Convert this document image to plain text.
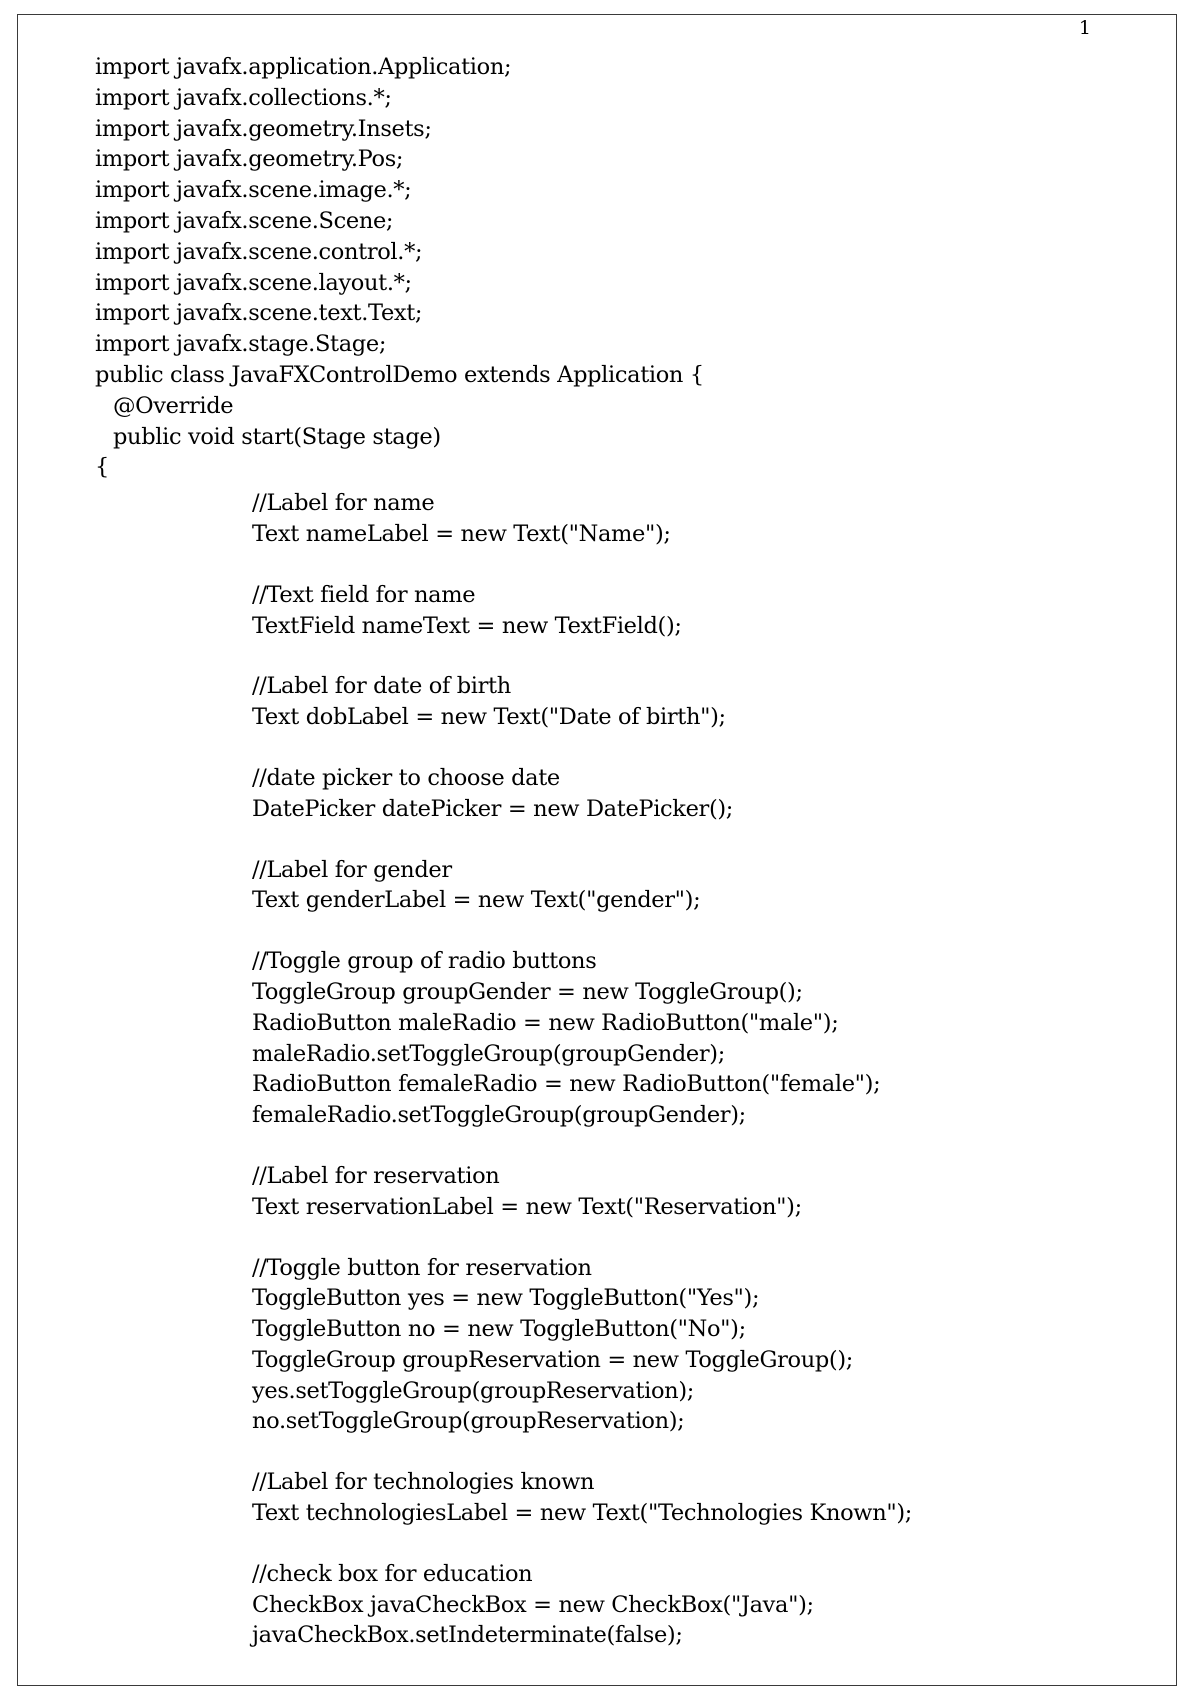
1
import javafx.application.Application;
import javafx.collections.*;
import javafx.geometry.Insets;
import javafx.geometry.Pos;
import javafx.scene.image.*;
import javafx.scene.Scene;
import javafx.scene.control.*;
import javafx.scene.layout.*;
import javafx.scene.text.Text;
import javafx.stage.Stage;
public class JavaFXControlDemo extends Application {
@Override
public void start(Stage stage)
{
//Label for name
Text nameLabel = new Text("Name");
//Text field for name
TextField nameText = new TextField();
//Label for date of birth
Text dobLabel = new Text("Date of birth");
//date picker to choose date
DatePicker datePicker = new DatePicker();
//Label for gender
Text genderLabel = new Text("gender");
//Toggle group of radio buttons
ToggleGroup groupGender = new ToggleGroup();
RadioButton maleRadio = new RadioButton("male");
maleRadio.setToggleGroup(groupGender);
RadioButton femaleRadio = new RadioButton("female");
femaleRadio.setToggleGroup(groupGender);
//Label for reservation
Text reservationLabel = new Text("Reservation");
//Toggle button for reservation
ToggleButton yes = new ToggleButton("Yes");
ToggleButton no = new ToggleButton("No");
ToggleGroup groupReservation = new ToggleGroup();
yes.setToggleGroup(groupReservation);
no.setToggleGroup(groupReservation);
//Label for technologies known
Text technologiesLabel = new Text("Technologies Known");
//check box for education
CheckBox javaCheckBox = new CheckBox("Java");
javaCheckBox.setIndeterminate(false);
